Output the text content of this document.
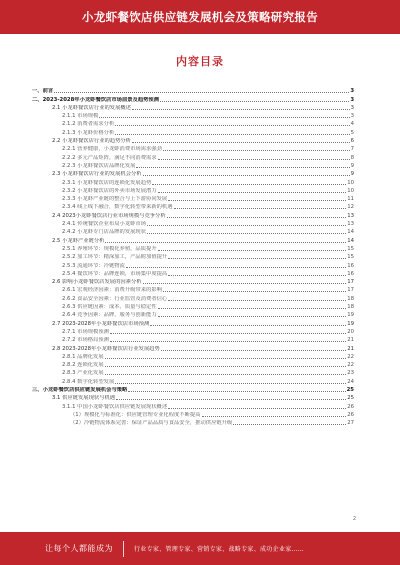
小龙虾餐饮店供应链发展机会及策略研究报告
内容目录
一、前言	3
二、2023-2028年小龙虾餐饮店市场前景及趋势预测	3
2.1 小龙虾餐饮店行业的发展概述	3
2.1.1 市场规模	3
2.1.2 消费者需求分析	4
2.1.3 小龙虾价格分析	5
2.2 小龙虾餐饮店行业的趋势分析	6
2.2.1 营养健康，小龙虾消费市场需求强劲	7
2.2.2 多元产品矩阵，满足不同消费需求	8
2.2.3 小龙虾餐饮店品牌化发展	9
2.3 小龙虾餐饮店行业的发展机会分析	9
2.3.1 小龙虾餐饮店的连锁化发展趋势	10
2.3.2 小龙虾餐饮店的外卖市场发展潜力	10
2.3.3 小龙虾产业链的整合与上下游协同发展	11
2.3.4 线上线下融合，数字化转型带来新的机遇	12
2.4 2023小龙虾餐饮店行业市场规模与竞争分析	13
2.4.1 传统餐饮企业布局小龙虾市场	13
2.4.2 小龙虾专门店品牌的发展现状	14
2.5 小龙虾产业链分析	14
2.5.1 养殖环节：规模化养殖，品质提升	15
2.5.2 加工环节：精深加工，产品附加值提升	15
2.5.3 流通环节：冷链物流	16
2.5.4 餐饮环节：品牌连锁，市场集中度提高	16
2.6 影响小龙虾餐饮店发展的因素分析	17
2.6.1 宏观经济因素：消费升级带来的影响	17
2.6.2 食品安全因素：行业监管及消费者信心	18
2.6.3 供应链因素：成本、质量与稳定性	18
2.6.4 竞争因素：品牌、服务与创新能力	19
2.7 2023-2028年小龙虾餐饮店市场预测	19
2.7.1 市场规模预测	20
2.7.2 市场格局预测	21
2.8 2023-2028年小龙虾餐饮店行业发展趋势	21
2.8.1 品牌化发展	22
2.8.2 连锁化发展	22
2.8.3 产业化发展	23
2.8.4 数字化转型发展	24
三、小龙虾餐饮店供应链发展机会与策略	25
3.1 供应链发展现状与机遇	25
3.1.1 中国小龙虾餐饮店供应链发展现状概述	26
（1）规模化与标准化：供应链管理专业化程度不断提高	26
（2）冷链物流体系完善：保证产品品质与食品安全，推动供应链升级	27
2
让每个人都能成为	行业专家、管理专家、营销专家、战略专家、成功企业家……
